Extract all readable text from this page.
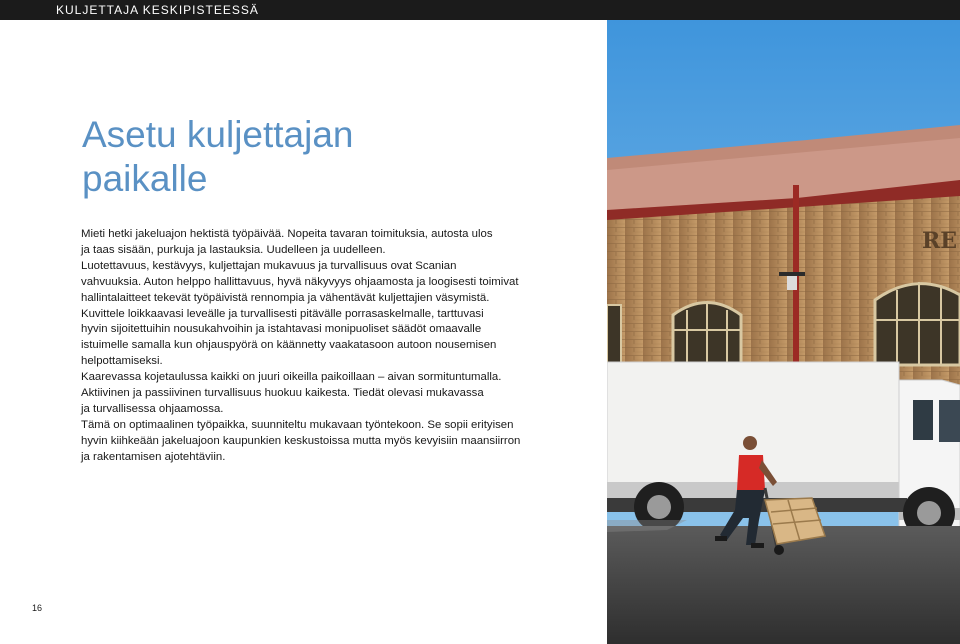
KULJETTAJA KESKIPISTEESSÄ
Asetu kuljettajan
paikalle

Mieti hetki jakeluajon hektistä työpäivää. Nopeita tavaran toimituksia, autosta ulos

ja taas sisään, purkuja ja lastauksia. Uudelleen ja uudelleen.

Luotettavuus, kestävyys, kuljettajan mukavuus ja turvallisuus ovat Scanian

vahvuuksia. Auton helppo hallittavuus, hyvä näkyvyys ohjaamosta ja loogisesti toimivat

hallintalaitteet tekevät työpäivistä rennompia ja vähentävät kuljettajien väsymistä.

Kuvittele loikkaavasi leveälle ja turvallisesti pitävälle porrasaskelmalle, tarttuvasi

hyvin sijoitettuihin nousukahvoihin ja istahtavasi monipuoliset säädöt omaavalle

istuimelle samalla kun ohjauspyörä on käännetty vaakatasoon autoon nousemisen

helpottamiseksi.

Kaarevassa kojetaulussa kaikki on juuri oikeilla paikoillaan – aivan sormituntumalla.

Aktiivinen ja passiivinen turvallisuus huokuu kaikesta. Tiedät olevasi mukavassa

ja turvallisessa ohjaamossa.

Tämä on optimaalinen työpaikka, suunniteltu mukavaan työntekoon. Se sopii erityisen

hyvin kiihkeään jakeluajoon kaupunkien keskustoissa mutta myös kevyisiin maansiirron

ja rakentamisen ajotehtäviin.

16
RE
